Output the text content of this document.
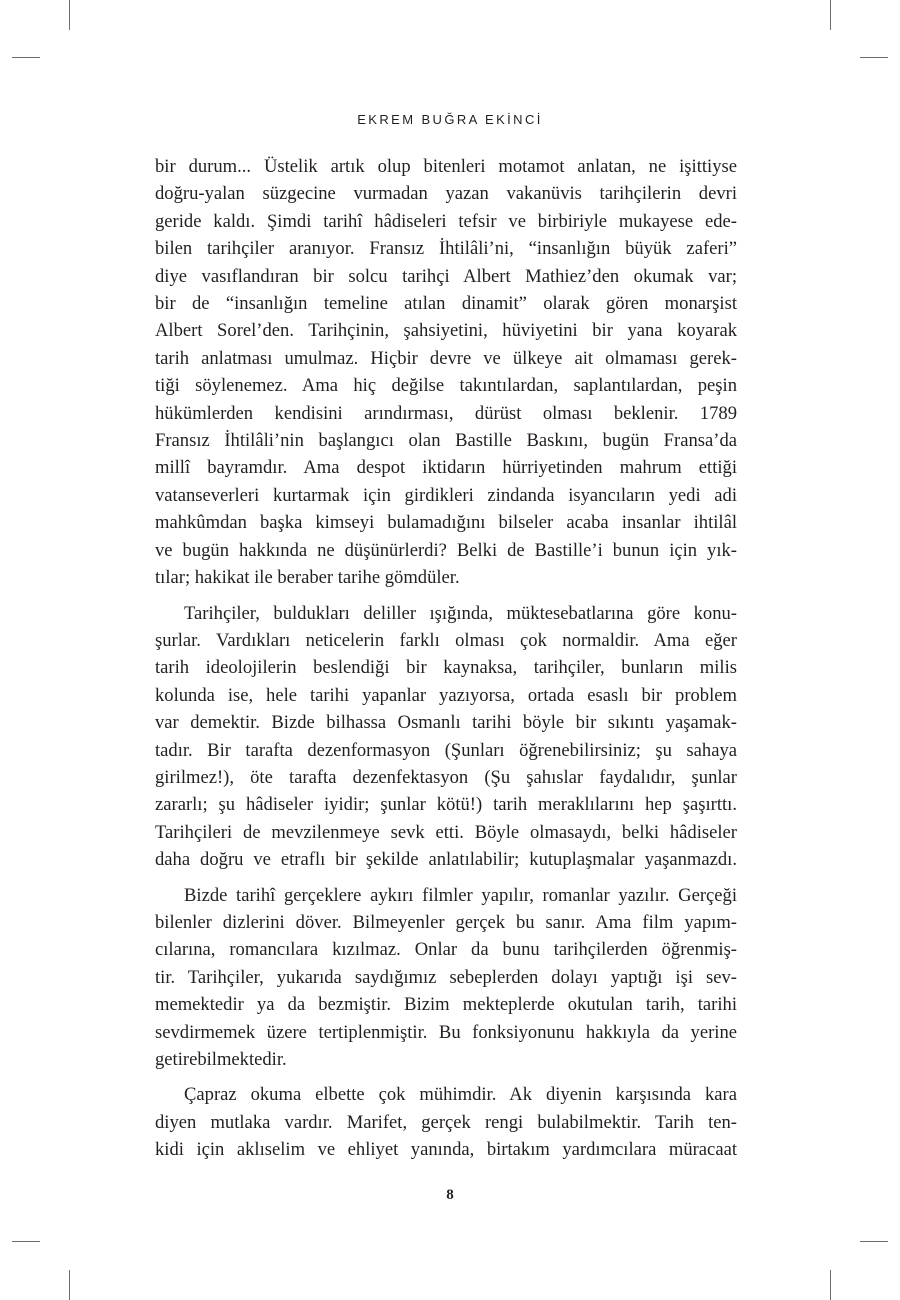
EKREM BUĞRA EKİNCİ

bir durum... Üstelik artık olup bitenleri motamot anlatan, ne işittiyse
doğru-yalan süzgecine vurmadan yazan vakanüvis tarihçilerin devri
geride kaldı. Şimdi tarihî hâdiseleri tefsir ve birbiriyle mukayese ede-
bilen tarihçiler aranıyor. Fransız İhtilâli’ni, “insanlığın büyük zaferi”
diye vasıflandıran bir solcu tarihçi Albert Mathiez’den okumak var;
bir de “insanlığın temeline atılan dinamit” olarak gören monarşist
Albert Sorel’den. Tarihçinin, şahsiyetini, hüviyetini bir yana koyarak
tarih anlatması umulmaz. Hiçbir devre ve ülkeye ait olmaması gerek-
tiği söylenemez. Ama hiç değilse takıntılardan, saplantılardan, peşin
hükümlerden kendisini arındırması, dürüst olması beklenir. 1789
Fransız İhtilâli’nin başlangıcı olan Bastille Baskını, bugün Fransa’da
millî bayramdır. Ama despot iktidarın hürriyetinden mahrum ettiği
vatanseverleri kurtarmak için girdikleri zindanda isyancıların yedi adi
mahkûmdan başka kimseyi bulamadığını bilseler acaba insanlar ihtilâl
ve bugün hakkında ne düşünürlerdi? Belki de Bastille’i bunun için yık-
tılar; hakikat ile beraber tarihe gömdüler.

Tarihçiler, buldukları deliller ışığında, müktesebatlarına göre konu-
şurlar. Vardıkları neticelerin farklı olması çok normaldir. Ama eğer
tarih ideolojilerin beslendiği bir kaynaksa, tarihçiler, bunların milis
kolunda ise, hele tarihi yapanlar yazıyorsa, ortada esaslı bir problem
var demektir. Bizde bilhassa Osmanlı tarihi böyle bir sıkıntı yaşamak-
tadır. Bir tarafta dezenformasyon (Şunları öğrenebilirsiniz; şu sahaya
girilmez!), öte tarafta dezenfektasyon (Şu şahıslar faydalıdır, şunlar
zararlı; şu hâdiseler iyidir; şunlar kötü!) tarih meraklılarını hep şaşırttı.
Tarihçileri de mevzilenmeye sevk etti. Böyle olmasaydı, belki hâdiseler
daha doğru ve etraflı bir şekilde anlatılabilir; kutuplaşmalar yaşanmazdı.

Bizde tarihî gerçeklere aykırı filmler yapılır, romanlar yazılır. Gerçeği
bilenler dizlerini döver. Bilmeyenler gerçek bu sanır. Ama film yapım-
cılarına, romancılara kızılmaz. Onlar da bunu tarihçilerden öğrenmiş-
tir. Tarihçiler, yukarıda saydığımız sebeplerden dolayı yaptığı işi sev-
memektedir ya da bezmiştir. Bizim mekteplerde okutulan tarih, tarihi
sevdirmemek üzere tertiplenmiştir. Bu fonksiyonunu hakkıyla da yerine
getirebilmektedir.

Çapraz okuma elbette çok mühimdir. Ak diyenin karşısında kara
diyen mutlaka vardır. Marifet, gerçek rengi bulabilmektir. Tarih ten-
kidi için aklıselim ve ehliyet yanında, birtakım yardımcılara müracaat

8
